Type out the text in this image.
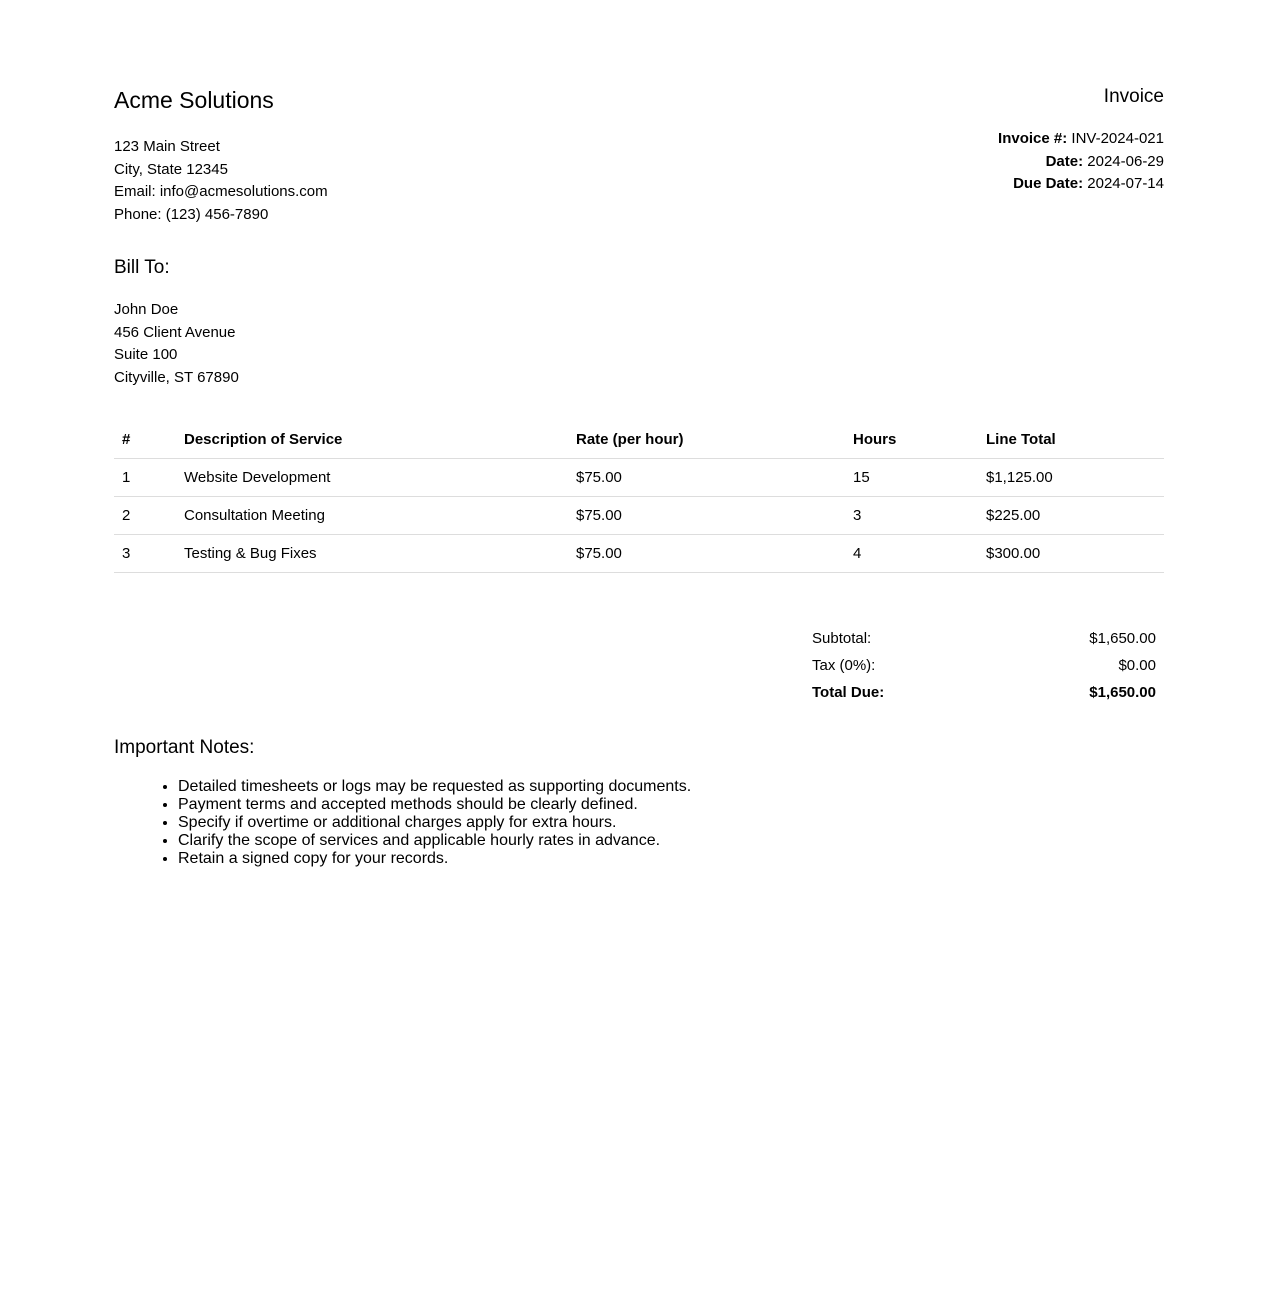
Acme Solutions
123 Main Street
City, State 12345
Email: info@acmesolutions.com
Phone: (123) 456-7890
Invoice
Invoice #: INV-2024-021
Date: 2024-06-29
Due Date: 2024-07-14
Bill To:
John Doe
456 Client Avenue
Suite 100
Cityville, ST 67890
#	Description of Service	Rate (per hour)	Hours	Line Total
1	Website Development	$75.00	15	$1,125.00
2	Consultation Meeting	$75.00	3	$225.00
3	Testing & Bug Fixes	$75.00	4	$300.00
Subtotal:	$1,650.00
Tax (0%):	$0.00
Total Due:	$1,650.00
Important Notes:
• Detailed timesheets or logs may be requested as supporting documents.
• Payment terms and accepted methods should be clearly defined.
• Specify if overtime or additional charges apply for extra hours.
• Clarify the scope of services and applicable hourly rates in advance.
• Retain a signed copy for your records.
